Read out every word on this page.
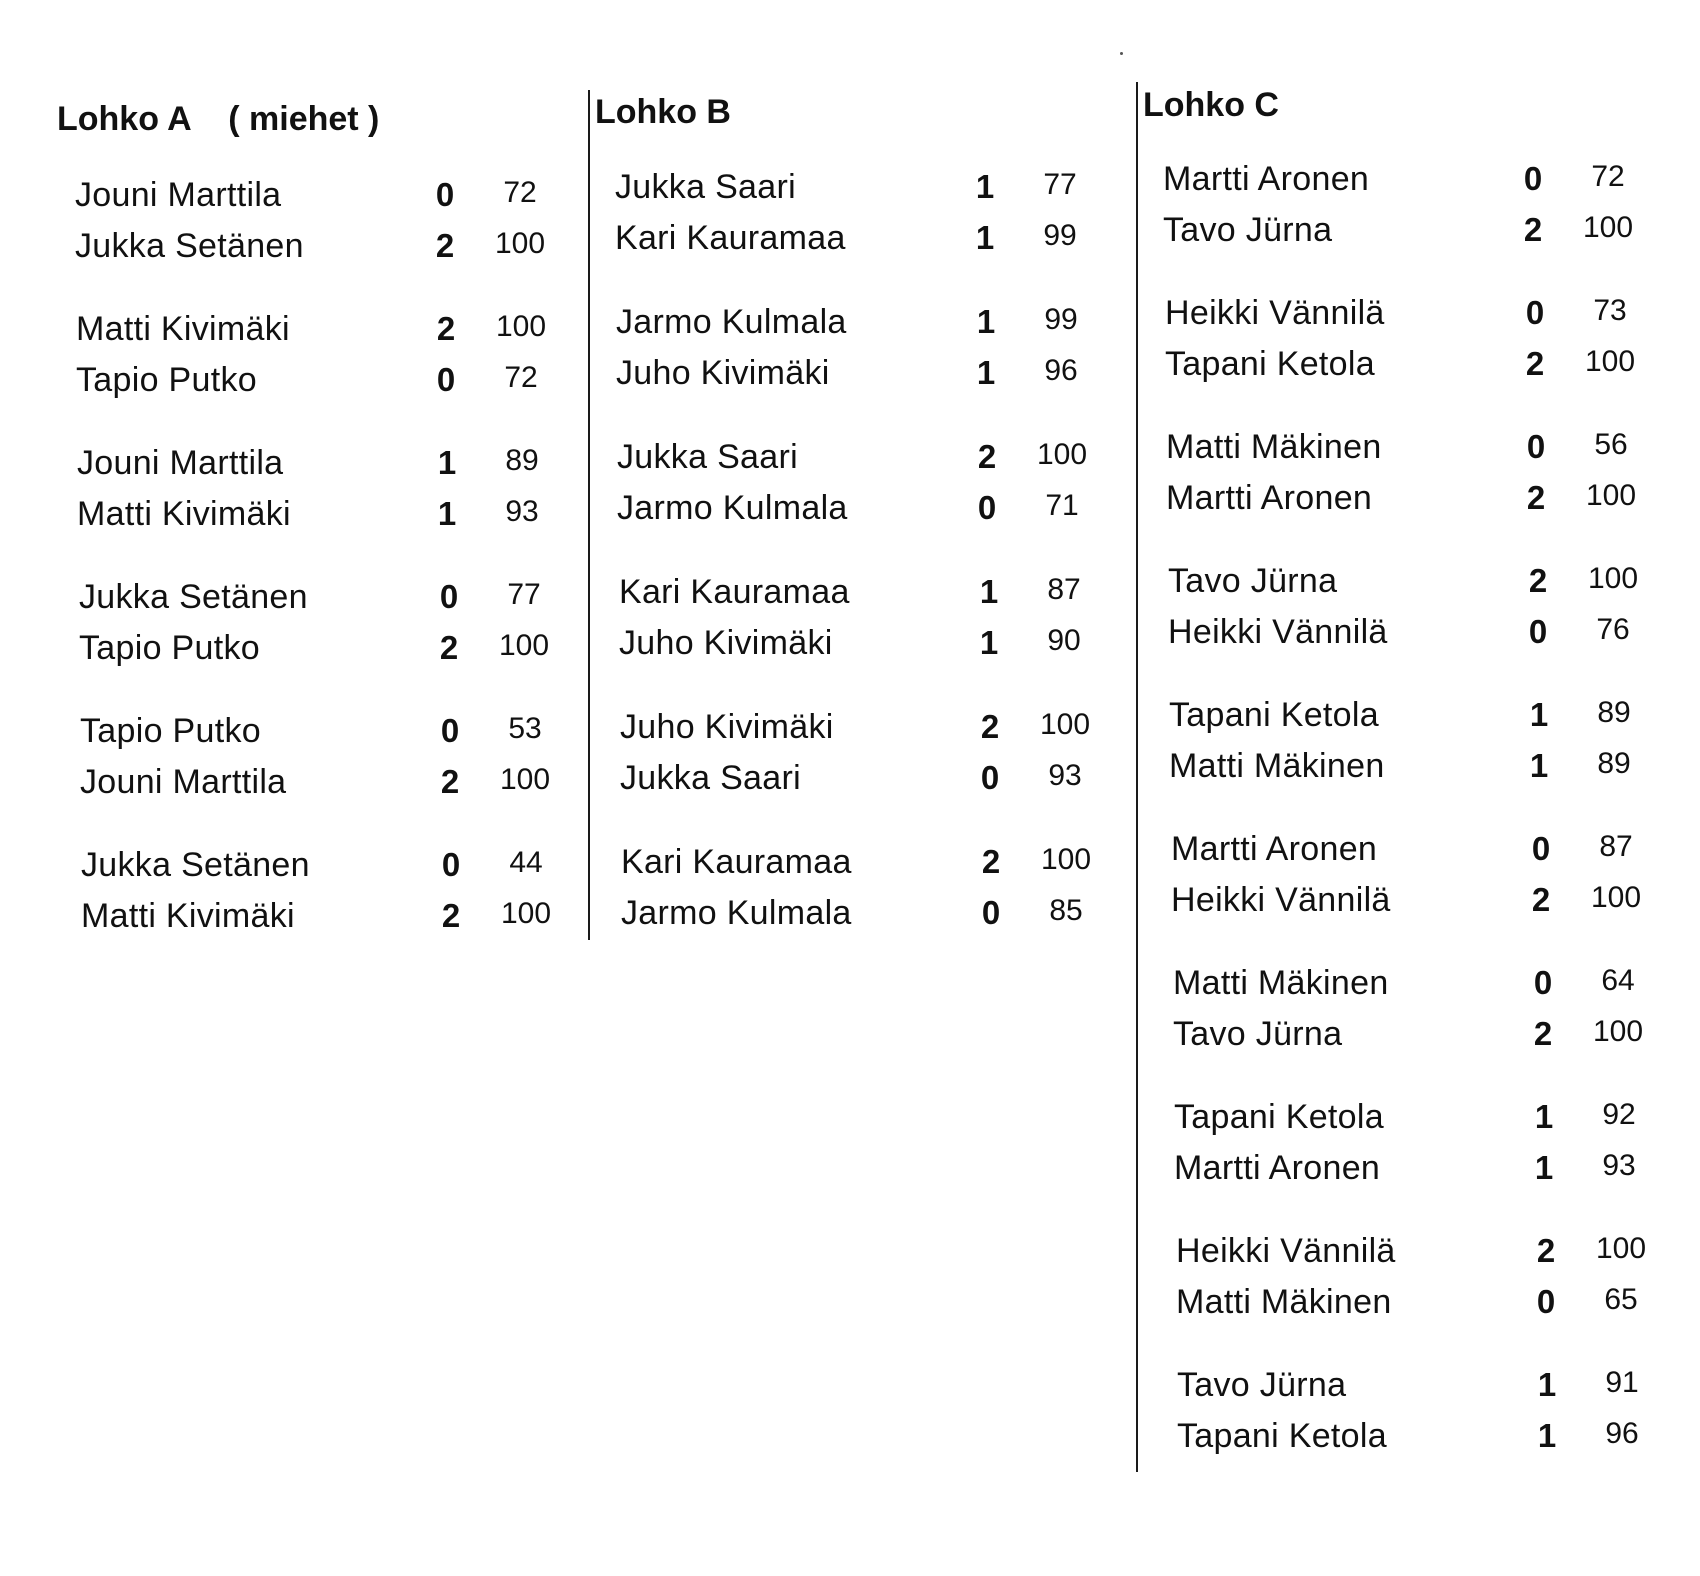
Lohko A    ( miehet )	Lohko B	Lohko C
Jouni Marttila	0	72
Jukka Setänen	2	100
Matti Kivimäki	2	100
Tapio Putko	0	72
Jouni Marttila	1	89
Matti Kivimäki	1	93
Jukka Setänen	0	77
Tapio Putko	2	100
Tapio Putko	0	53
Jouni Marttila	2	100
Jukka Setänen	0	44
Matti Kivimäki	2	100
Jukka Saari	1	77
Kari Kauramaa	1	99
Jarmo Kulmala	1	99
Juho Kivimäki	1	96
Jukka Saari	2	100
Jarmo Kulmala	0	71
Kari Kauramaa	1	87
Juho Kivimäki	1	90
Juho Kivimäki	2	100
Jukka Saari	0	93
Kari Kauramaa	2	100
Jarmo Kulmala	0	85
Martti Aronen	0	72
Tavo Jürna	2	100
Heikki Vännilä	0	73
Tapani Ketola	2	100
Matti Mäkinen	0	56
Martti Aronen	2	100
Tavo Jürna	2	100
Heikki Vännilä	0	76
Tapani Ketola	1	89
Matti Mäkinen	1	89
Martti Aronen	0	87
Heikki Vännilä	2	100
Matti Mäkinen	0	64
Tavo Jürna	2	100
Tapani Ketola	1	92
Martti Aronen	1	93
Heikki Vännilä	2	100
Matti Mäkinen	0	65
Tavo Jürna	1	91
Tapani Ketola	1	96
